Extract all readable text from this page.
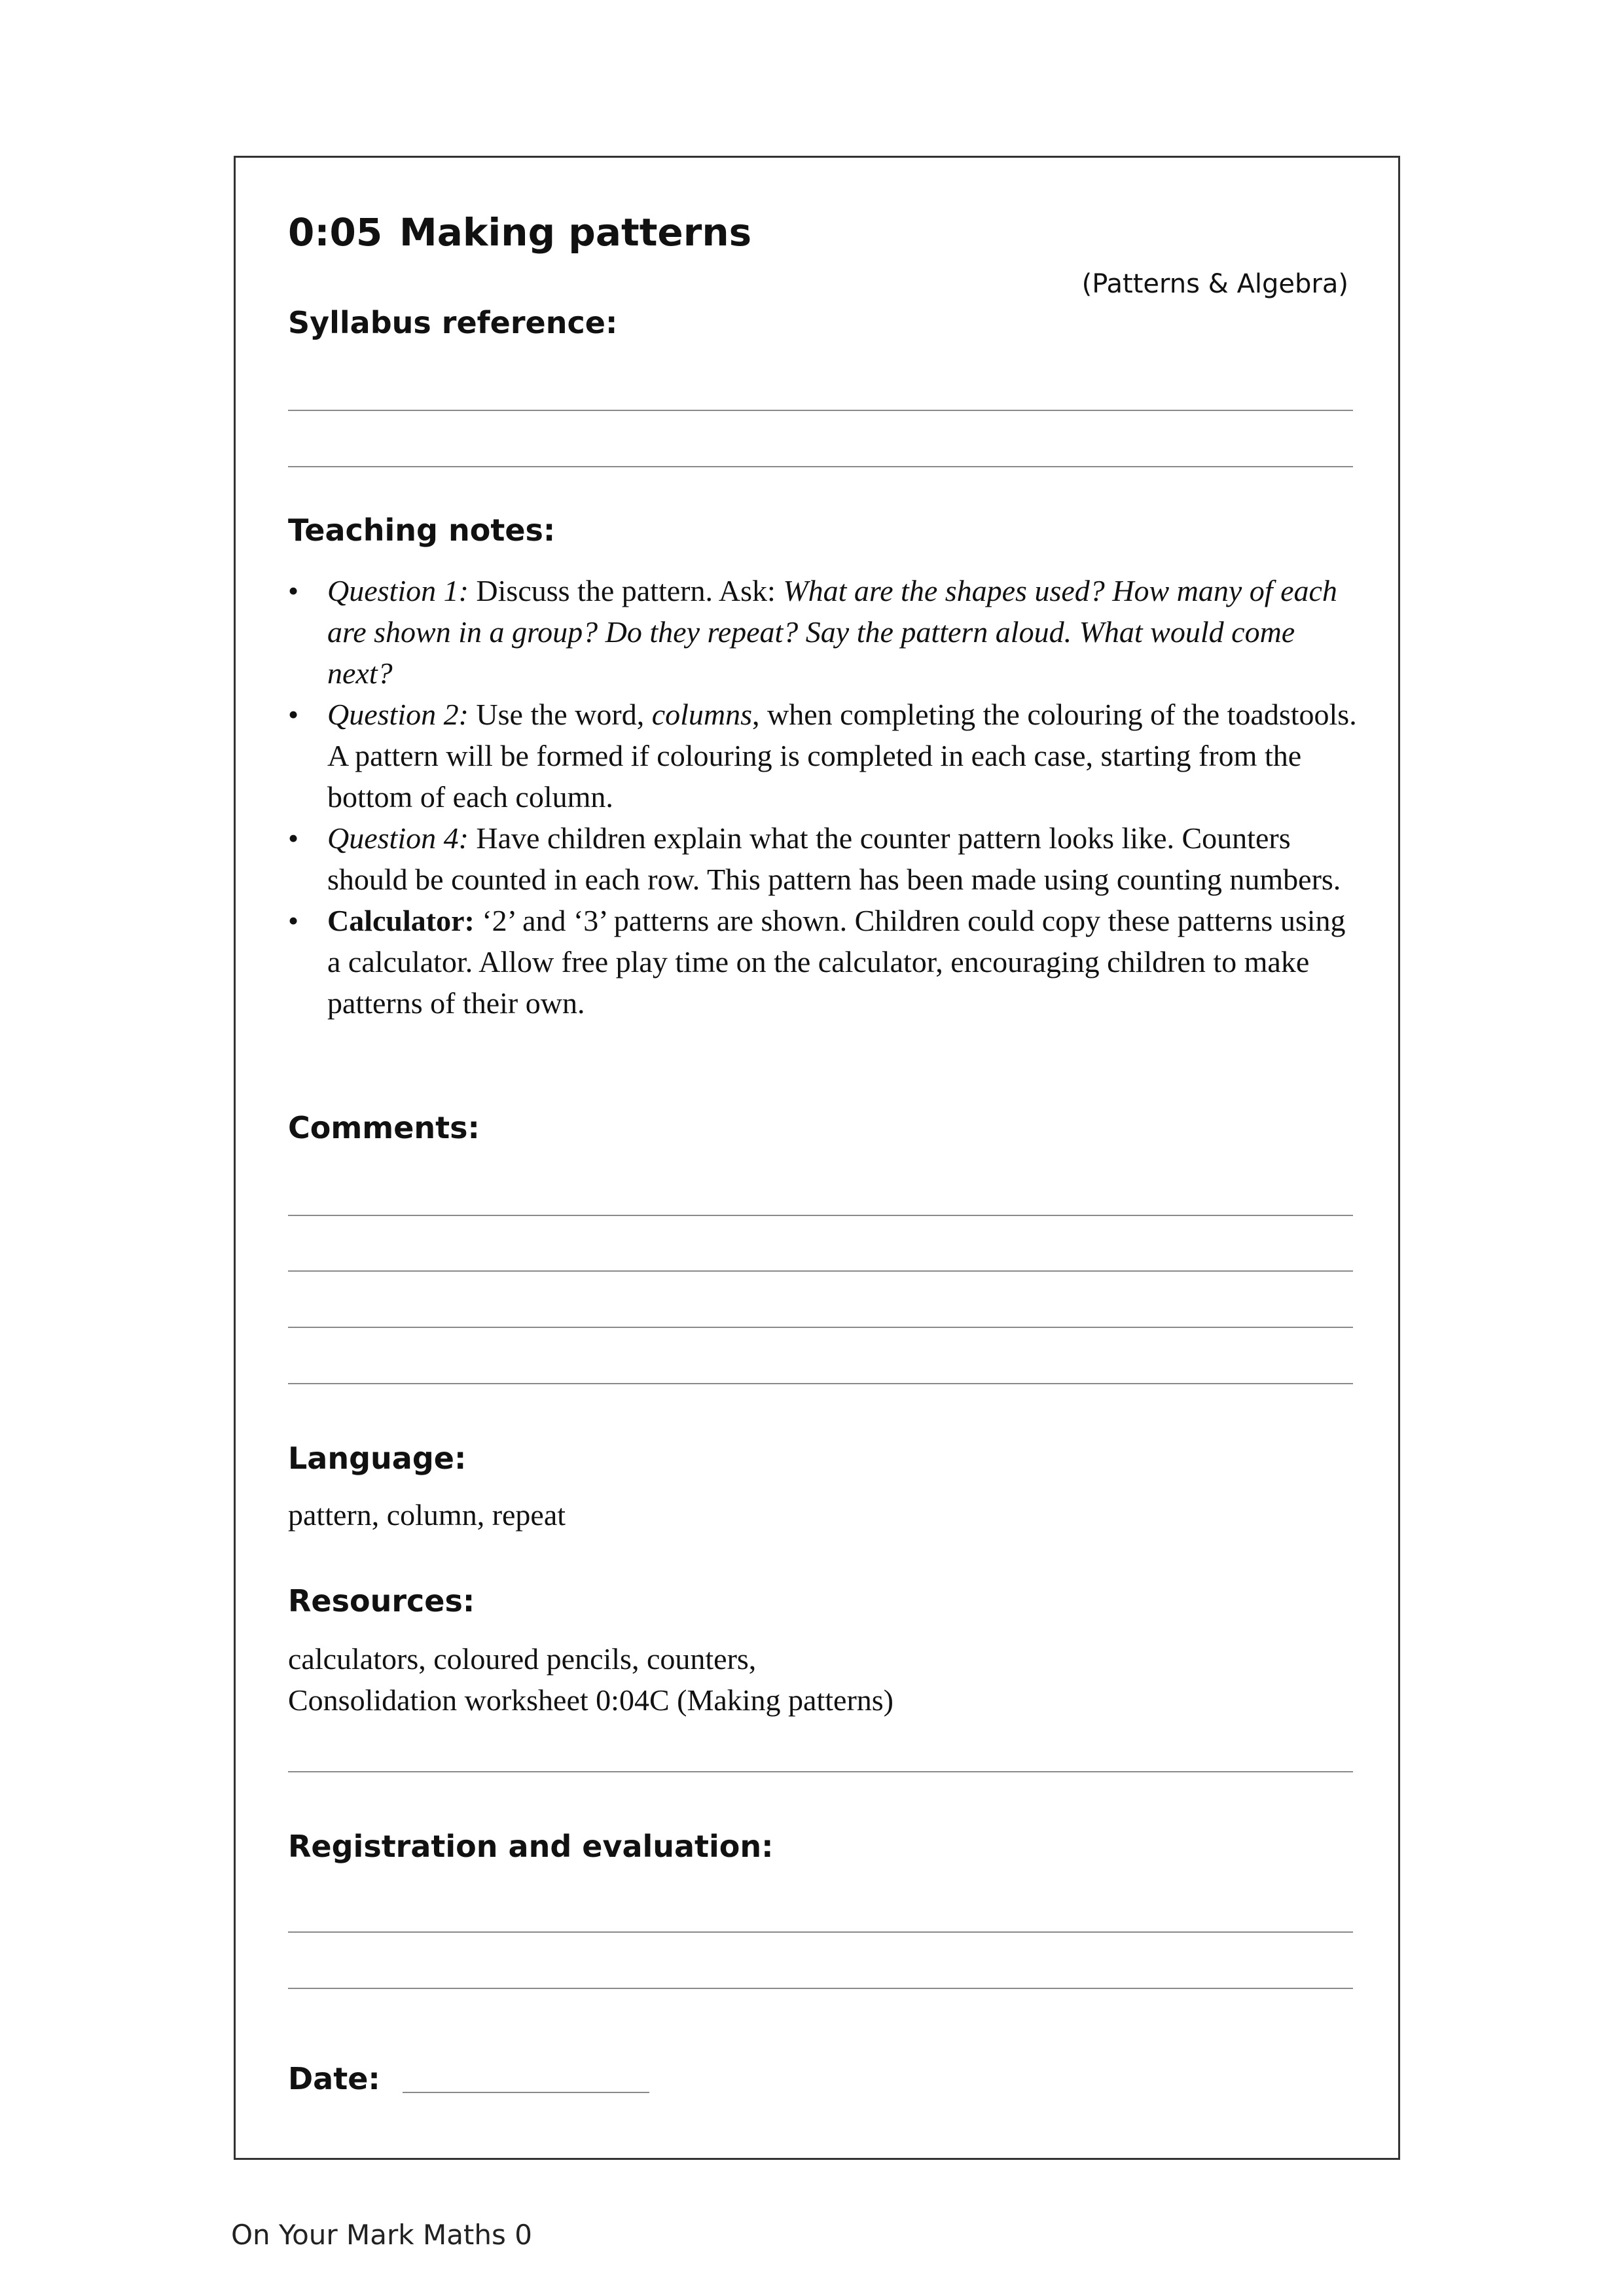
0:05 Making patterns
(Patterns & Algebra)
Syllabus reference:
Teaching notes:
• Question 1: Discuss the pattern. Ask: What are the shapes used? How many of each are shown in a group? Do they repeat? Say the pattern aloud. What would come next?
• Question 2: Use the word, columns, when completing the colouring of the toadstools. A pattern will be formed if colouring is completed in each case, starting from the bottom of each column.
• Question 4: Have children explain what the counter pattern looks like. Counters should be counted in each row. This pattern has been made using counting numbers.
• Calculator: ‘2’ and ‘3’ patterns are shown. Children could copy these patterns using a calculator. Allow free play time on the calculator, encouraging children to make patterns of their own.
Comments:
Language:
pattern, column, repeat
Resources:
calculators, coloured pencils, counters,
Consolidation worksheet 0:04C (Making patterns)
Registration and evaluation:
Date:
On Your Mark Maths 0
